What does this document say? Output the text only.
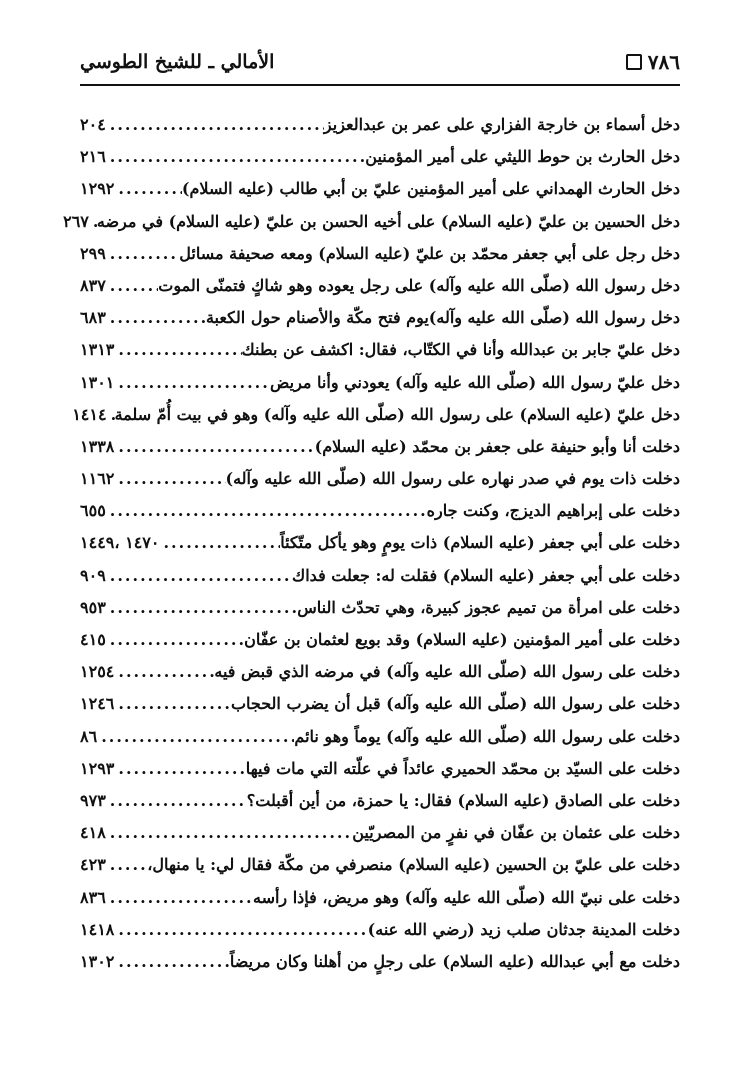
٧٨٦
الأمالي ـ للشيخ الطوسي
دخل أسماء بن خارجة الفزاري على عمر بن عبدالعزيز
.....
٢٠٤
دخل الحارث بن حوط الليثي على أمير المؤمنين
.....
٢١٦
دخل الحارث الهمداني على أمير المؤمنين عليّ بن أبي طالب (عليه السلام)
.....
١٢٩٢
دخل الحسين بن عليّ (عليه السلام) على أخيه الحسن بن عليّ (عليه السلام) في مرضه
.....
٢٦٧
دخل رجل على أبي جعفر محمّد بن عليّ (عليه السلام) ومعه صحيفة مسائل
.....
٢٩٩
دخل رسول الله (صلّى الله عليه وآله) على رجل يعوده وهو شاكٍ فتمنّى الموت
.....
٨٣٧
دخل رسول الله (صلّى الله عليه وآله)يوم فتح مكّة والأصنام حول الكعبة
.....
٦٨٣
دخل عليّ جابر بن عبدالله وأنا في الكتّاب، فقال: اكشف عن بطنك
.....
١٣١٣
دخل عليّ رسول الله (صلّى الله عليه وآله) يعودني وأنا مريض
.....
١٣٠١
دخل عليّ (عليه السلام) على رسول الله (صلّى الله عليه وآله) وهو في بيت أُمّ سلمة
.....
١٤١٤
دخلت أنا وأبو حنيفة على جعفر بن محمّد (عليه السلام)
.....
١٣٣٨
دخلت ذات يوم في صدر نهاره على رسول الله (صلّى الله عليه وآله)
.....
١١٦٢
دخلت على إبراهيم الديزج، وكنت جاره
.....
٦٥٥
دخلت على أبي جعفر (عليه السلام) ذات يومٍ وهو يأكل متّكئاً
.....
١٤٧٠ ،١٤٤٩
دخلت على أبي جعفر (عليه السلام) فقلت له: جعلت فداك
.....
٩٠٩
دخلت على امرأة من تميم عجوز كبيرة، وهي تحدّث الناس
.....
٩٥٣
دخلت على أمير المؤمنين (عليه السلام) وقد بويع لعثمان بن عفّان
.....
٤١٥
دخلت على رسول الله (صلّى الله عليه وآله) في مرضه الذي قبض فيه
.....
١٢٥٤
دخلت على رسول الله (صلّى الله عليه وآله) قبل أن يضرب الحجاب
.....
١٢٤٦
دخلت على رسول الله (صلّى الله عليه وآله) يوماً وهو نائم
.....
٨٦
دخلت على السيّد بن محمّد الحميري عائداً في علّته التي مات فيها
.....
١٢٩٣
دخلت على الصادق (عليه السلام) فقال: يا حمزة، من أين أقبلت؟
.....
٩٧٣
دخلت على عثمان بن عفّان في نفرٍ من المصريّين
.....
٤١٨
دخلت على عليّ بن الحسين (عليه السلام) منصرفي من مكّة فقال لي: يا منهال،
.....
٤٢٣
دخلت على نبيّ الله (صلّى الله عليه وآله) وهو مريض، فإذا رأسه
.....
٨٣٦
دخلت المدينة جدثان صلب زيد (رضي الله عنه)
.....
١٤١٨
دخلت مع أبي عبدالله (عليه السلام) على رجلٍ من أهلنا وكان مريضاً
.....
١٣٠٢
